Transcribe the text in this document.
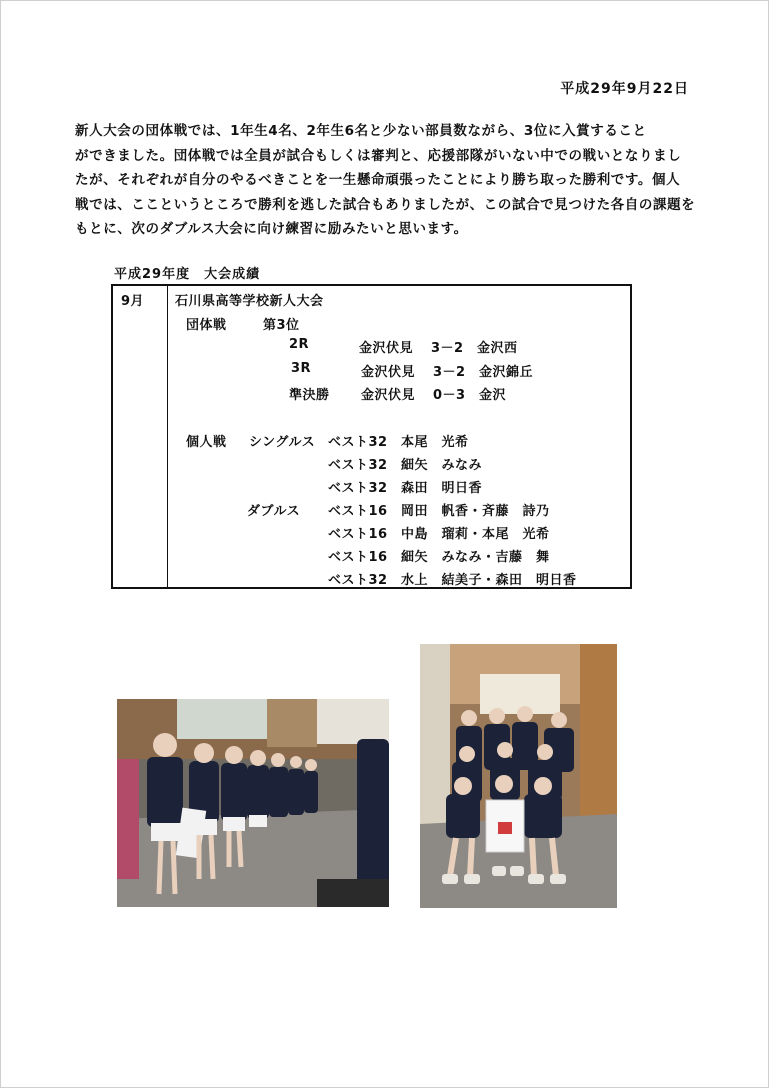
平成29年9月22日
新人大会の団体戦では、1年生4名、2年生6名と少ない部員数ながら、3位に入賞すること
ができました。団体戦では全員が試合もしくは審判と、応援部隊がいない中での戦いとなりまし
たが、それぞれが自分のやるべきことを一生懸命頑張ったことにより勝ち取った勝利です。個人
戦では、ここというところで勝利を逃した試合もありましたが、この試合で見つけた各自の課題を
もとに、次のダブルス大会に向け練習に励みたいと思います。
平成29年度　大会成績
9月 石川県高等学校新人大会
団体戦	第3位
2R	金沢伏見 3－2 金沢西
3R	金沢伏見 3－2 金沢錦丘
準決勝 金沢伏見 0－3 金沢
個人戦 シングルス ベスト32 本尾　光希
ベスト32 細矢　みなみ
ベスト32 森田　明日香
ダブルス ベスト16 岡田　帆香・斉藤　詩乃
ベスト16 中島　瑠莉・本尾　光希
ベスト16 細矢　みなみ・吉藤　舞
ベスト32 水上　結美子・森田　明日香
